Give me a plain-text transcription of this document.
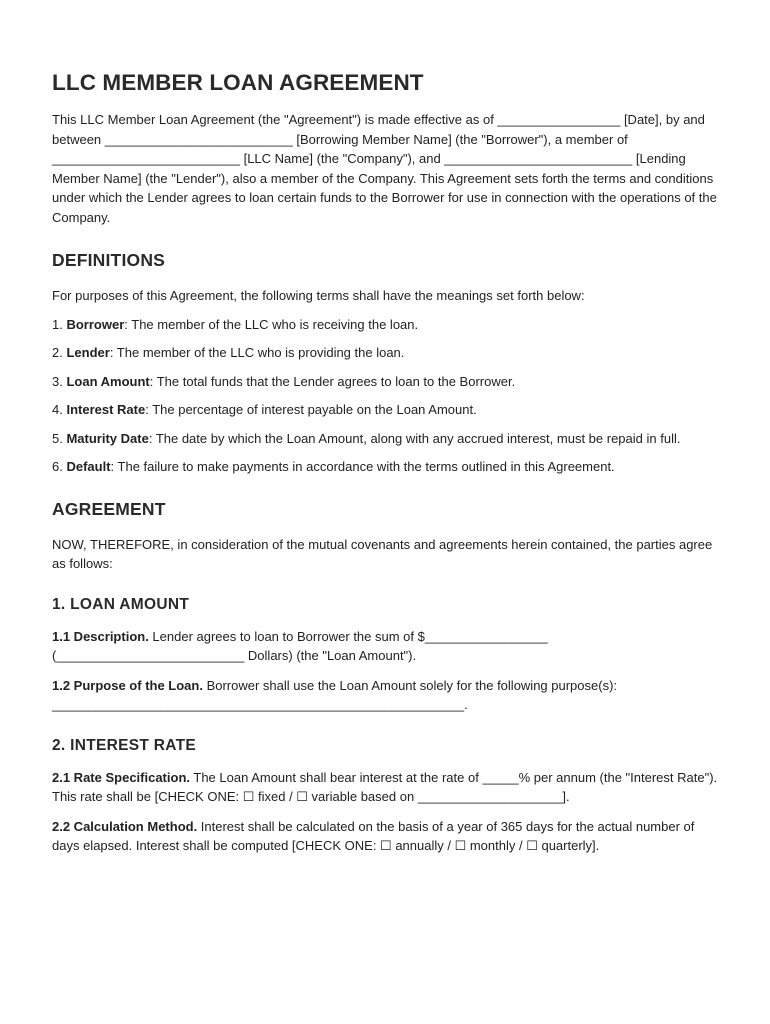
LLC MEMBER LOAN AGREEMENT

This LLC Member Loan Agreement (the "Agreement") is made effective as of _________________ [Date], by and between __________________________ [Borrowing Member Name] (the "Borrower"), a member of __________________________ [LLC Name] (the "Company"), and __________________________ [Lending Member Name] (the "Lender"), also a member of the Company. This Agreement sets forth the terms and conditions under which the Lender agrees to loan certain funds to the Borrower for use in connection with the operations of the Company.

DEFINITIONS

For purposes of this Agreement, the following terms shall have the meanings set forth below:

1. Borrower: The member of the LLC who is receiving the loan.

2. Lender: The member of the LLC who is providing the loan.

3. Loan Amount: The total funds that the Lender agrees to loan to the Borrower.

4. Interest Rate: The percentage of interest payable on the Loan Amount.

5. Maturity Date: The date by which the Loan Amount, along with any accrued interest, must be repaid in full.

6. Default: The failure to make payments in accordance with the terms outlined in this Agreement.

AGREEMENT

NOW, THEREFORE, in consideration of the mutual covenants and agreements herein contained, the parties agree as follows:

1. LOAN AMOUNT

1.1 Description. Lender agrees to loan to Borrower the sum of $_________________ (__________________________ Dollars) (the "Loan Amount").

1.2 Purpose of the Loan. Borrower shall use the Loan Amount solely for the following purpose(s): _________________________________________________________.

2. INTEREST RATE

2.1 Rate Specification. The Loan Amount shall bear interest at the rate of _____% per annum (the "Interest Rate"). This rate shall be [CHECK ONE: ☐ fixed / ☐ variable based on ____________________].

2.2 Calculation Method. Interest shall be calculated on the basis of a year of 365 days for the actual number of days elapsed. Interest shall be computed [CHECK ONE: ☐ annually / ☐ monthly / ☐ quarterly].
